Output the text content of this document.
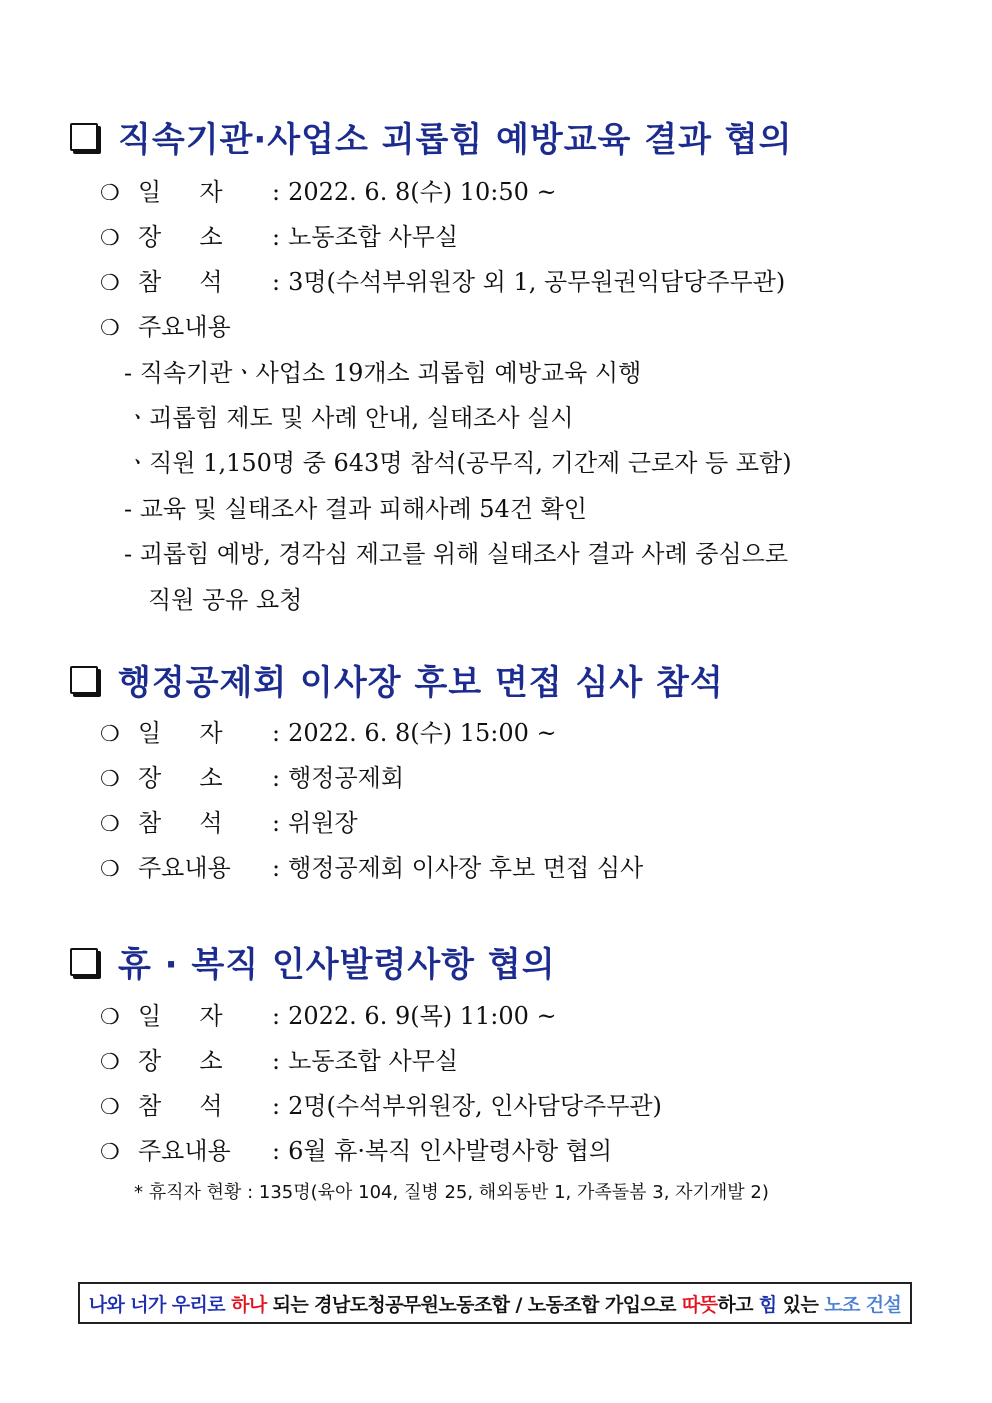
직속기관·사업소 괴롭힘 예방교육 결과 협의
❍ 일     자	: 2022. 6. 8(수) 10:50 ~
❍ 장     소	: 노동조합 사무실
❍ 참     석	: 3명(수석부위원장 외 1, 공무원권익담당주무관)
❍ 주요내용
- 직속기관ㆍ사업소 19개소 괴롭힘 예방교육 시행
ㆍ괴롭힘 제도 및 사례 안내, 실태조사 실시
ㆍ직원 1,150명 중 643명 참석(공무직, 기간제 근로자 등 포함)
- 교육 및 실태조사 결과 피해사례 54건 확인
- 괴롭힘 예방, 경각심 제고를 위해 실태조사 결과 사례 중심으로
직원 공유 요청
행정공제회 이사장 후보 면접 심사 참석
❍ 일     자	: 2022. 6. 8(수) 15:00 ~
❍ 장     소	: 행정공제회
❍ 참     석	: 위원장
❍ 주요내용	: 행정공제회 이사장 후보 면접 심사
휴 · 복직 인사발령사항 협의
❍ 일     자	: 2022. 6. 9(목) 11:00 ~
❍ 장     소	: 노동조합 사무실
❍ 참     석	: 2명(수석부위원장, 인사담당주무관)
❍ 주요내용	: 6월 휴·복직 인사발령사항 협의
* 휴직자 현황 : 135명(육아 104, 질병 25, 해외동반 1, 가족돌봄 3, 자기개발 2)
나와 너가 우리로 하나 되는 경남도청공무원노동조합 / 노동조합 가입으로 따뜻 하고 힘 있는 노조 건설
